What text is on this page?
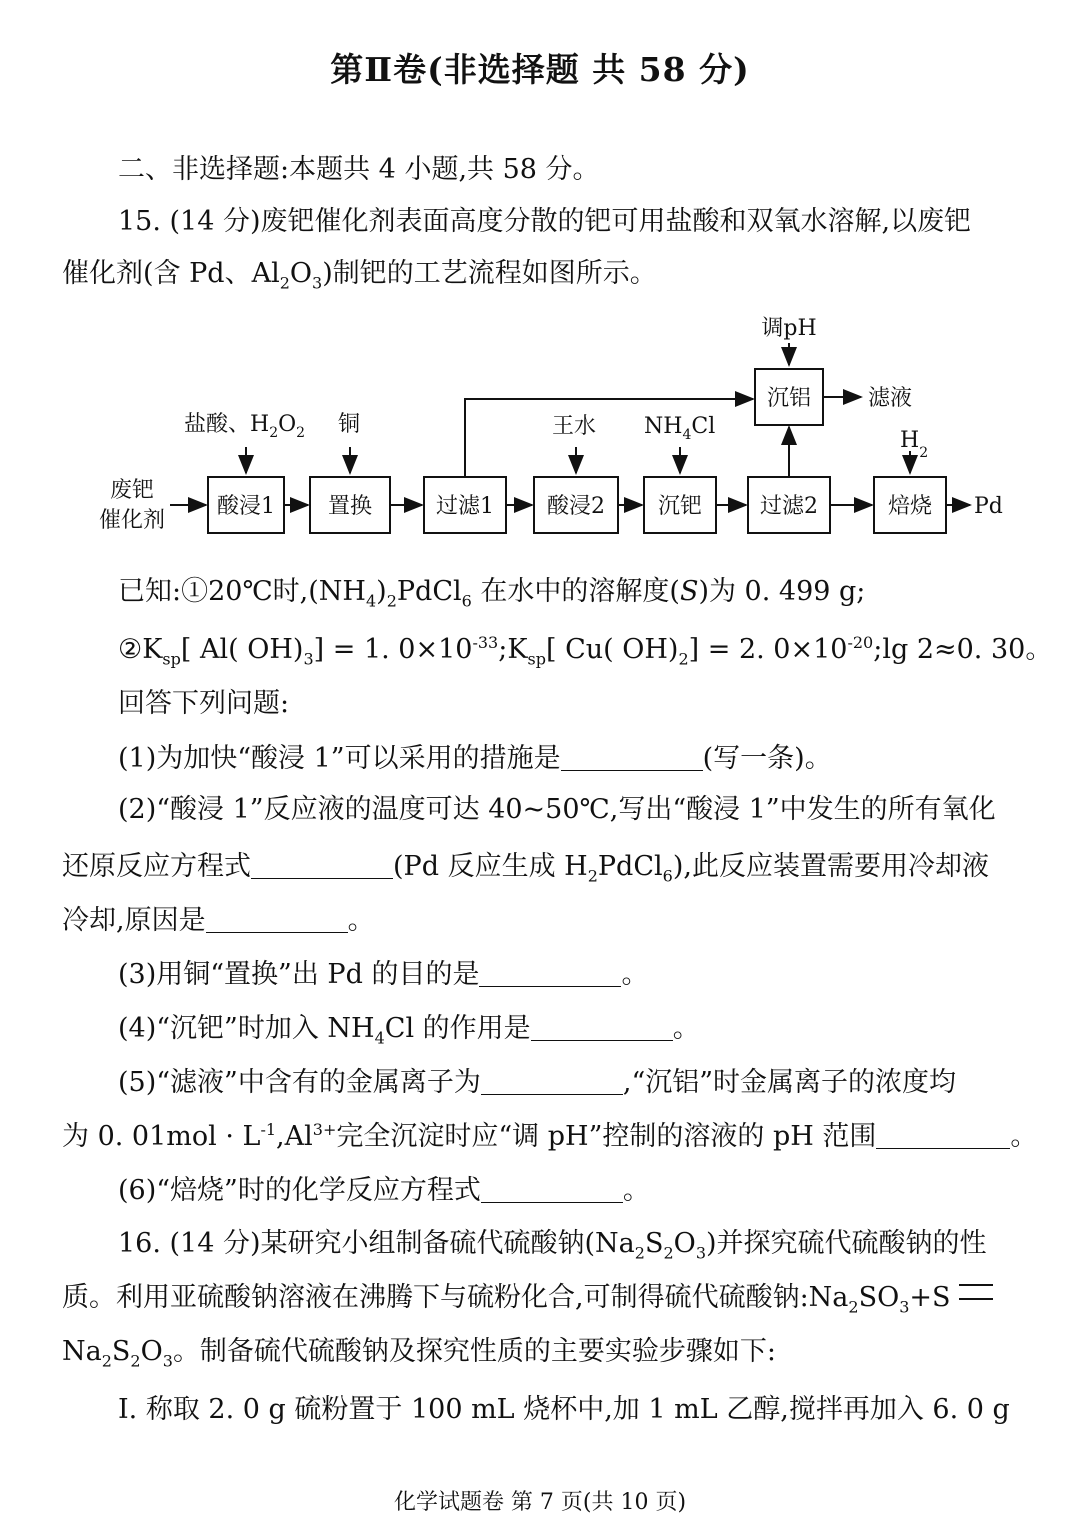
第Ⅱ卷(非选择题 共 58 分)
二、非选择题:本题共 4 小题,共 58 分。
15. (14 分)废钯催化剂表面高度分散的钯可用盐酸和双氧水溶解,以废钯
催化剂(含 Pd、$Al_2O_3$)制钯的工艺流程如图所示。
废钯
催化剂
酸浸1 置换	过滤1 酸浸2 沉钯	过滤2	焙烧 Pd
沉铝	滤液
盐酸、$H_2O_2$ 铜	王水 $NH_4Cl$
$H_2$
调pH
已知:①20℃时$,(NH_4)_2PdCl_6$ 在水中的溶解度(S)为 0. 499 g;
$②K_{sp}$[ Al( $OH)_3] = 1$. $0\times 10^{-33};K_{sp}$[ Cu( $OH)_2] = 2$. $0\times 10^{-20};\lg$ 2≈0. 30。
回答下列问题:
(1)为加快“酸浸 1”可以采用的措施是	(写一条)。
(2)“酸浸 1”反应液的温度可达 40~50℃,写出“酸浸 1”中发生的所有氧化
还原反应方程式	(Pd 反应生成 $H_2PdCl_6$),此反应装置需要用冷却液
冷却,原因是	。
(3)用铜“置换”出 Pd 的目的是	。
(4)“沉钯”时加入 $NH_4Cl$ 的作用是	。
(5)“滤液”中含有的金属离子为	,“沉铝”时金属离子的浓度均
为 0. $01mol \cdot L^{-1},Al^{3+}$完全沉淀时应“调 pH”控制的溶液的 pH 范围	。
(6)“焙烧”时的化学反应方程式	。
16. (14 分)某研究小组制备硫代硫酸钠$(Na_2S_2O_3)$并探究硫代硫酸钠的性
质。利用亚硫酸钠溶液在沸腾下与硫粉化合,可制得硫代硫酸钠$:Na_2SO_3+S$
$Na_2S_2O_3$。制备硫代硫酸钠及探究性质的主要实验步骤如下:
Ⅰ. 称取 2. 0 g 硫粉置于 100 mL 烧杯中,加 1 mL 乙醇,搅拌再加入 6. 0 g
化学试题卷 第 7 页(共 10 页)
